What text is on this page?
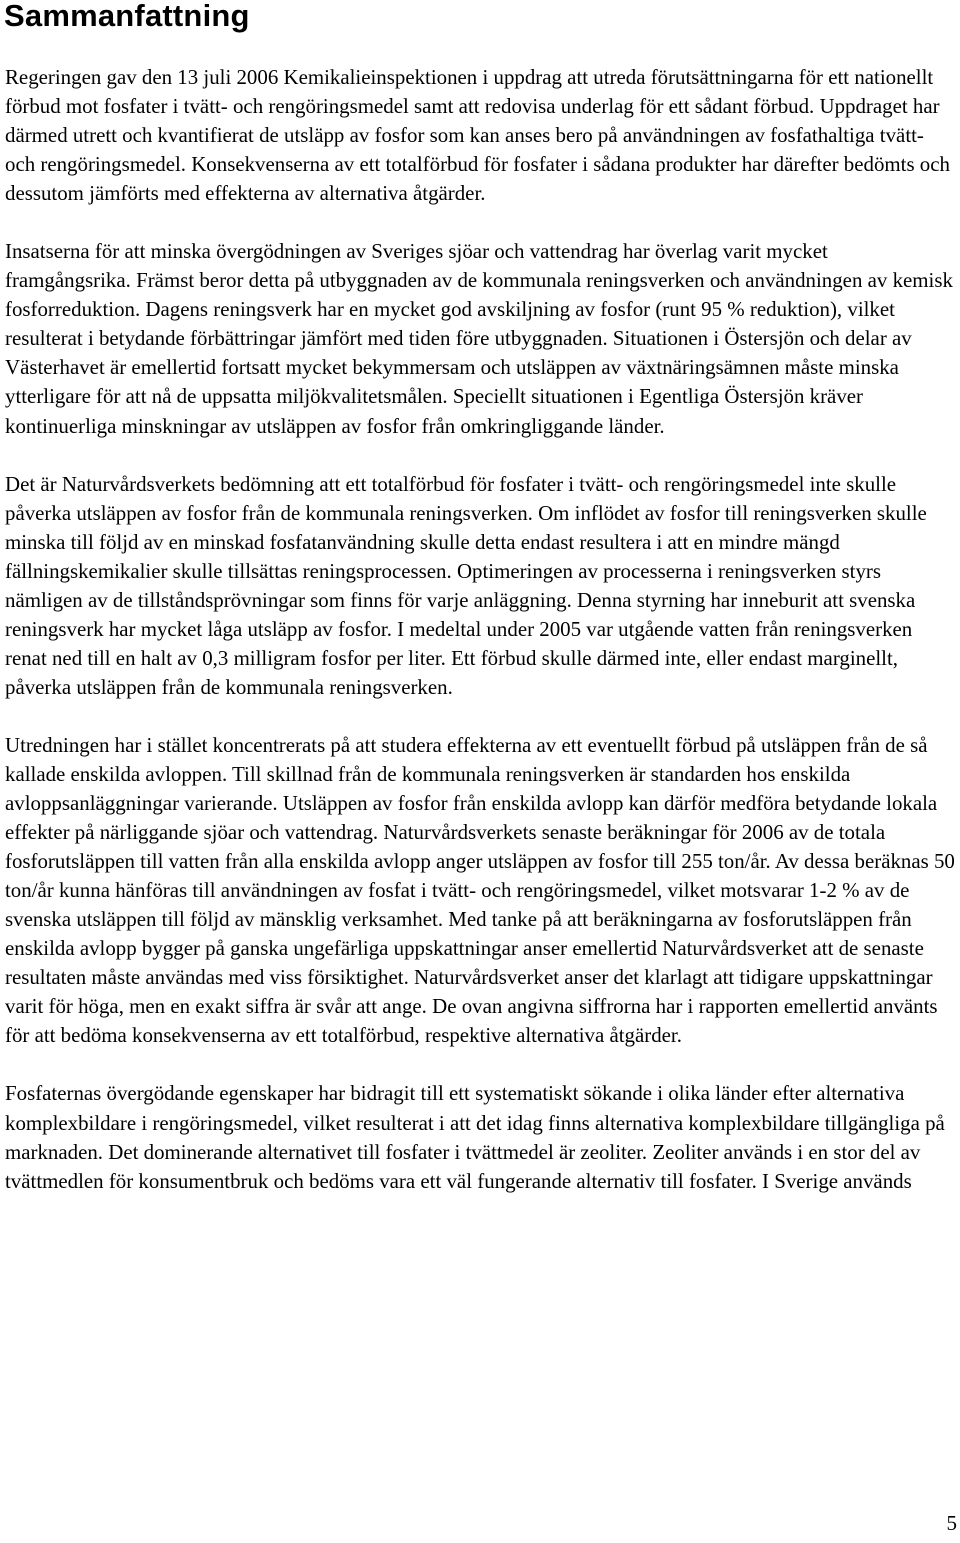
Sammanfattning

Regeringen gav den 13 juli 2006 Kemikalieinspektionen i uppdrag att utreda förutsättningarna för ett nationellt förbud mot fosfater i tvätt- och rengöringsmedel samt att redovisa underlag för ett sådant förbud. Uppdraget har därmed utrett och kvantifierat de utsläpp av fosfor som kan anses bero på användningen av fosfathaltiga tvätt- och rengöringsmedel. Konsekvenserna av ett totalförbud för fosfater i sådana produkter har därefter bedömts och dessutom jämförts med effekterna av alternativa åtgärder.

Insatserna för att minska övergödningen av Sveriges sjöar och vattendrag har överlag varit mycket framgångsrika. Främst beror detta på utbyggnaden av de kommunala reningsverken och användningen av kemisk fosforreduktion. Dagens reningsverk har en mycket god avskiljning av fosfor (runt 95 % reduktion), vilket resulterat i betydande förbättringar jämfört med tiden före utbyggnaden. Situationen i Östersjön och delar av Västerhavet är emellertid fortsatt mycket bekymmersam och utsläppen av växtnäringsämnen måste minska ytterligare för att nå de uppsatta miljökvalitetsmålen. Speciellt situationen i Egentliga Östersjön kräver kontinuerliga minskningar av utsläppen av fosfor från omkringliggande länder.

Det är Naturvårdsverkets bedömning att ett totalförbud för fosfater i tvätt- och rengöringsmedel inte skulle påverka utsläppen av fosfor från de kommunala reningsverken. Om inflödet av fosfor till reningsverken skulle minska till följd av en minskad fosfatanvändning skulle detta endast resultera i att en mindre mängd fällningskemikalier skulle tillsättas reningsprocessen. Optimeringen av processerna i reningsverken styrs nämligen av de tillståndsprövningar som finns för varje anläggning. Denna styrning har inneburit att svenska reningsverk har mycket låga utsläpp av fosfor. I medeltal under 2005 var utgående vatten från reningsverken renat ned till en halt av 0,3 milligram fosfor per liter. Ett förbud skulle därmed inte, eller endast marginellt, påverka utsläppen från de kommunala reningsverken.

Utredningen har i stället koncentrerats på att studera effekterna av ett eventuellt förbud på utsläppen från de så kallade enskilda avloppen. Till skillnad från de kommunala reningsverken är standarden hos enskilda avloppsanläggningar varierande. Utsläppen av fosfor från enskilda avlopp kan därför medföra betydande lokala effekter på närliggande sjöar och vattendrag. Naturvårdsverkets senaste beräkningar för 2006 av de totala fosforutsläppen till vatten från alla enskilda avlopp anger utsläppen av fosfor till 255 ton/år. Av dessa beräknas 50 ton/år kunna hänföras till användningen av fosfat i tvätt- och rengöringsmedel, vilket motsvarar 1-2 % av de svenska utsläppen till följd av mänsklig verksamhet. Med tanke på att beräkningarna av fosforutsläppen från enskilda avlopp bygger på ganska ungefärliga uppskattningar anser emellertid Naturvårdsverket att de senaste resultaten måste användas med viss försiktighet. Naturvårdsverket anser det klarlagt att tidigare uppskattningar varit för höga, men en exakt siffra är svår att ange. De ovan angivna siffrorna har i rapporten emellertid använts för att bedöma konsekvenserna av ett totalförbud, respektive alternativa åtgärder.

Fosfaternas övergödande egenskaper har bidragit till ett systematiskt sökande i olika länder efter alternativa komplexbildare i rengöringsmedel, vilket resulterat i att det idag finns alternativa komplexbildare tillgängliga på marknaden. Det dominerande alternativet till fosfater i tvättmedel är zeoliter. Zeoliter används i en stor del av tvättmedlen för konsumentbruk och bedöms vara ett väl fungerande alternativ till fosfater. I Sverige används

5
